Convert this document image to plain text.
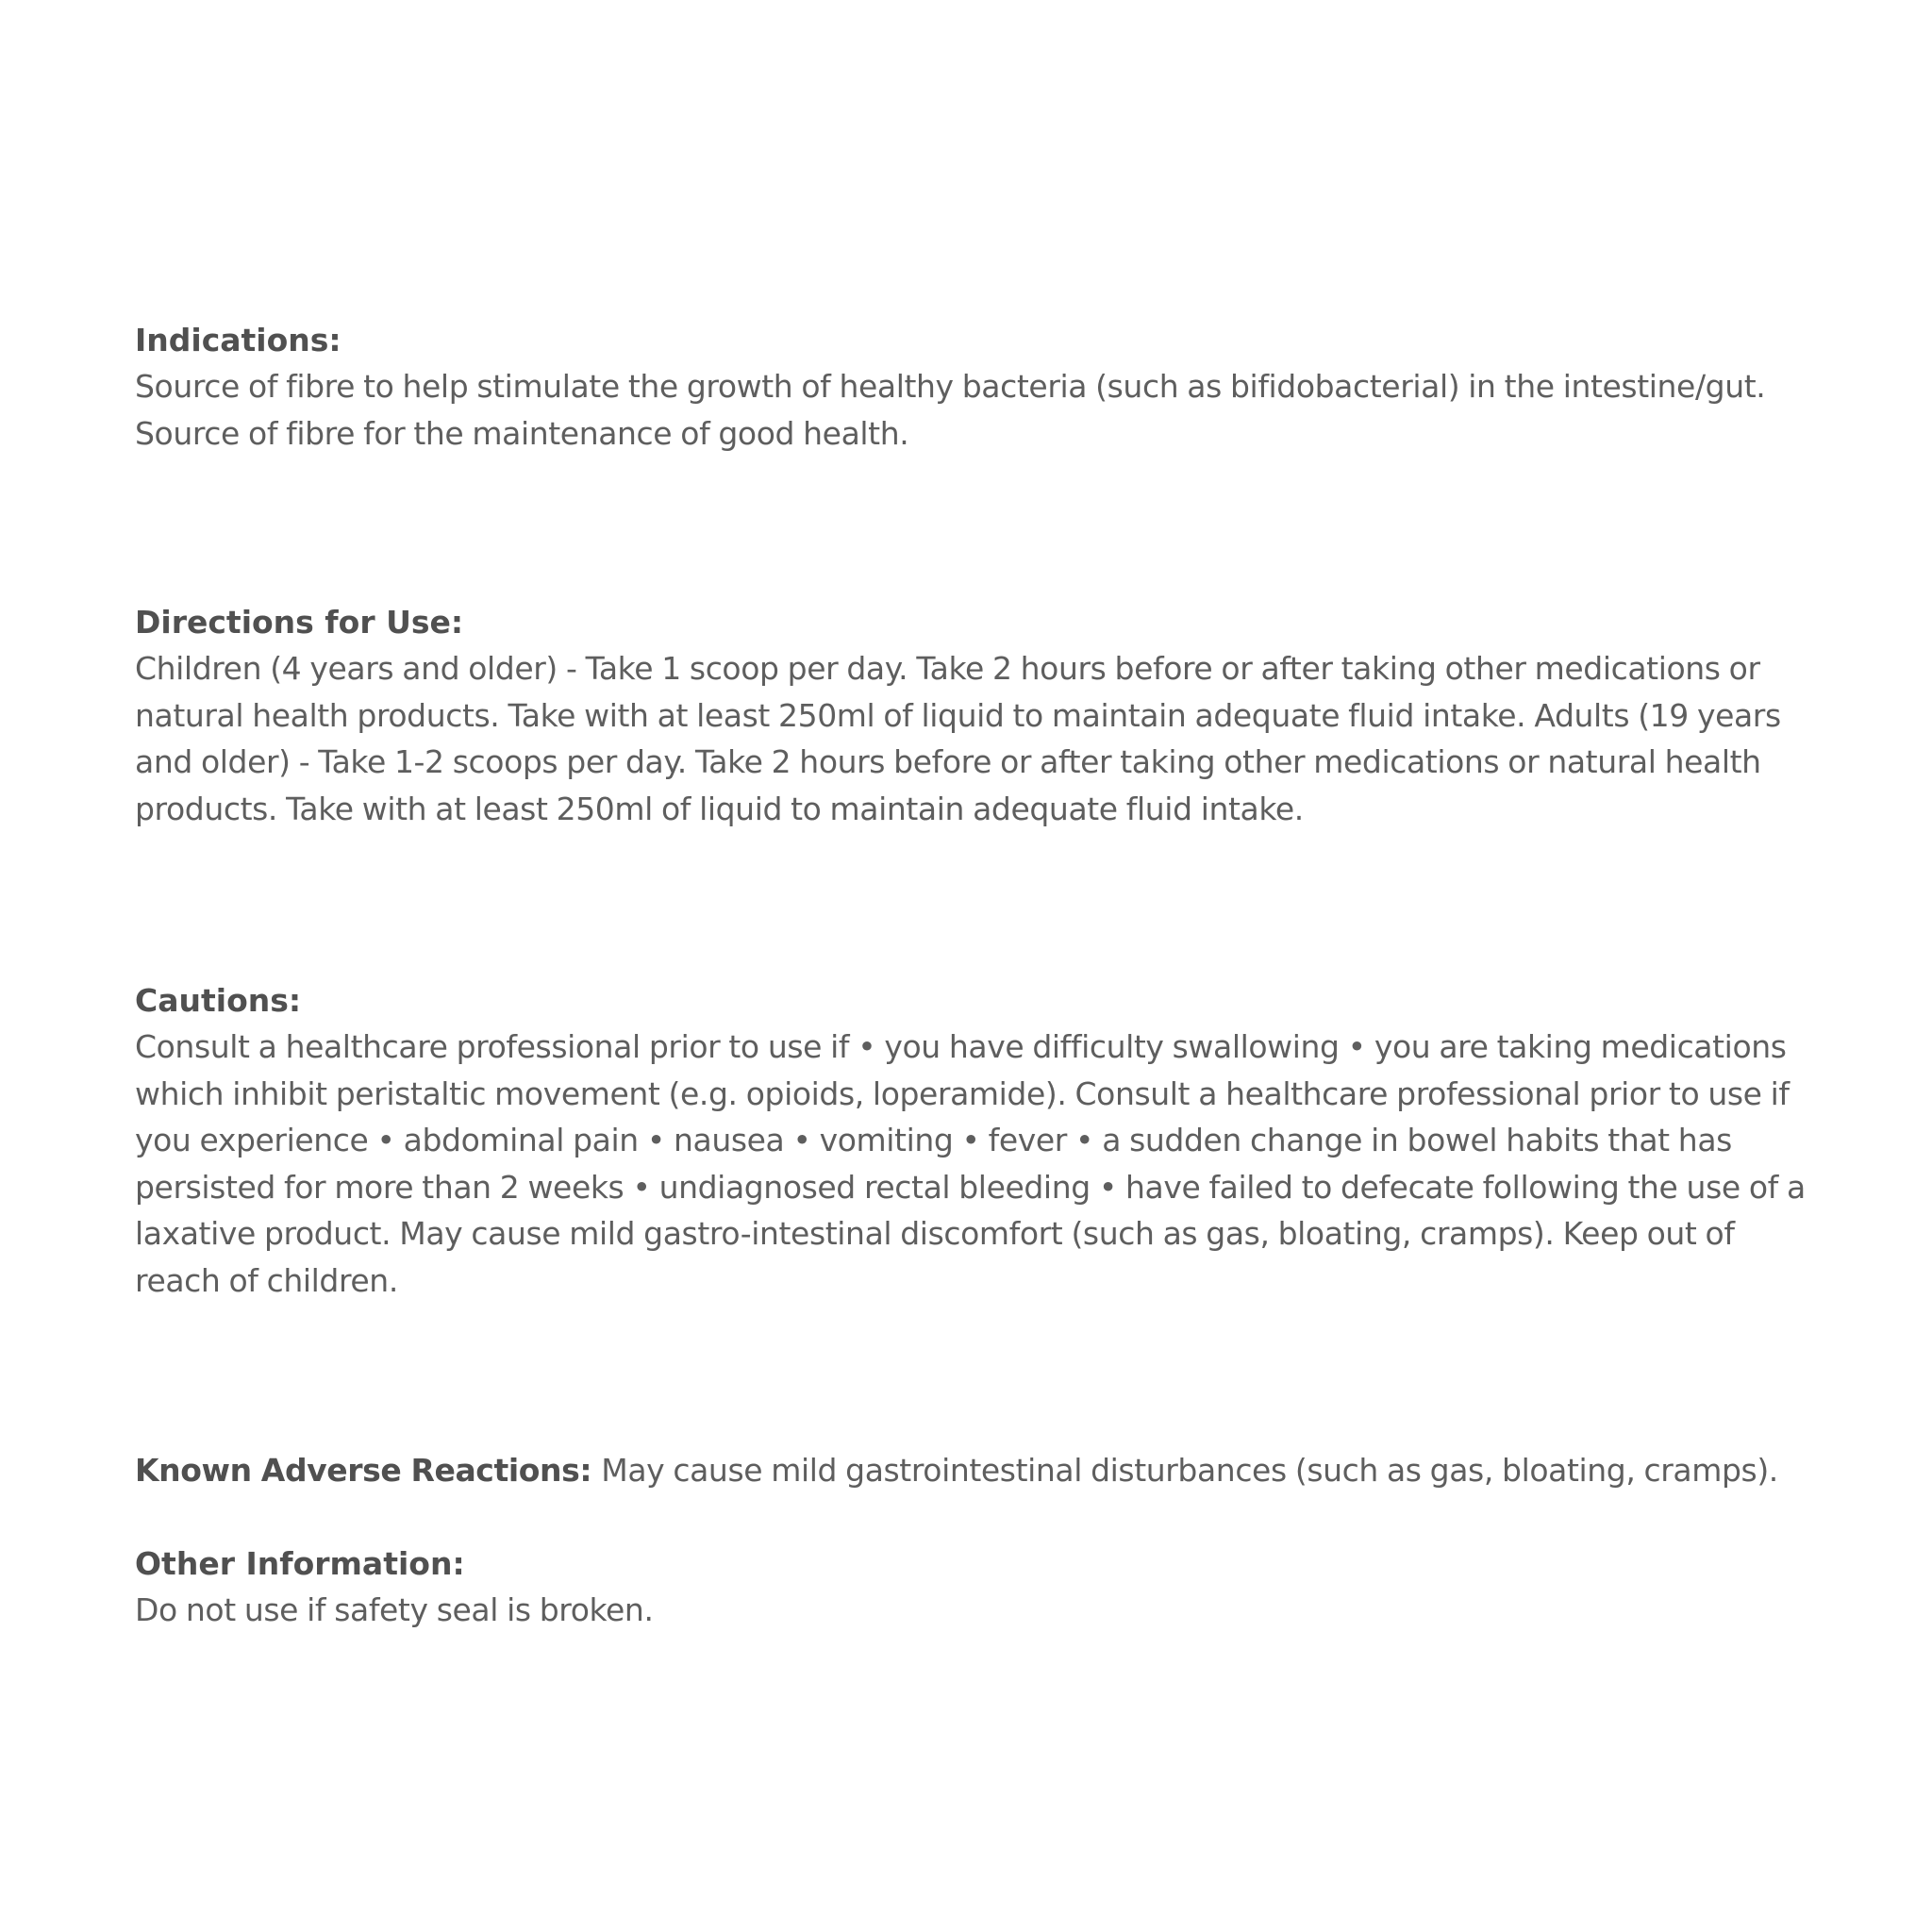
Indications:
Source of fibre to help stimulate the growth of healthy bacteria (such as bifidobacterial) in the intestine/gut. Source of fibre for the maintenance of good health.
Directions for Use:
Children (4 years and older) - Take 1 scoop per day. Take 2 hours before or after taking other medications or natural health products. Take with at least 250ml of liquid to maintain adequate fluid intake. Adults (19 years and older) - Take 1-2 scoops per day. Take 2 hours before or after taking other medications or natural health products. Take with at least 250ml of liquid to maintain adequate fluid intake.
Cautions:
Consult a healthcare professional prior to use if • you have difficulty swallowing • you are taking medications which inhibit peristaltic movement (e.g. opioids, loperamide). Consult a healthcare professional prior to use if you experience • abdominal pain • nausea • vomiting • fever • a sudden change in bowel habits that has persisted for more than 2 weeks • undiagnosed rectal bleeding • have failed to defecate following the use of a laxative product. May cause mild gastro-intestinal discomfort (such as gas, bloating, cramps). Keep out of reach of children.
Known Adverse Reactions: May cause mild gastrointestinal disturbances (such as gas, bloating, cramps).
Other Information:
Do not use if safety seal is broken.
